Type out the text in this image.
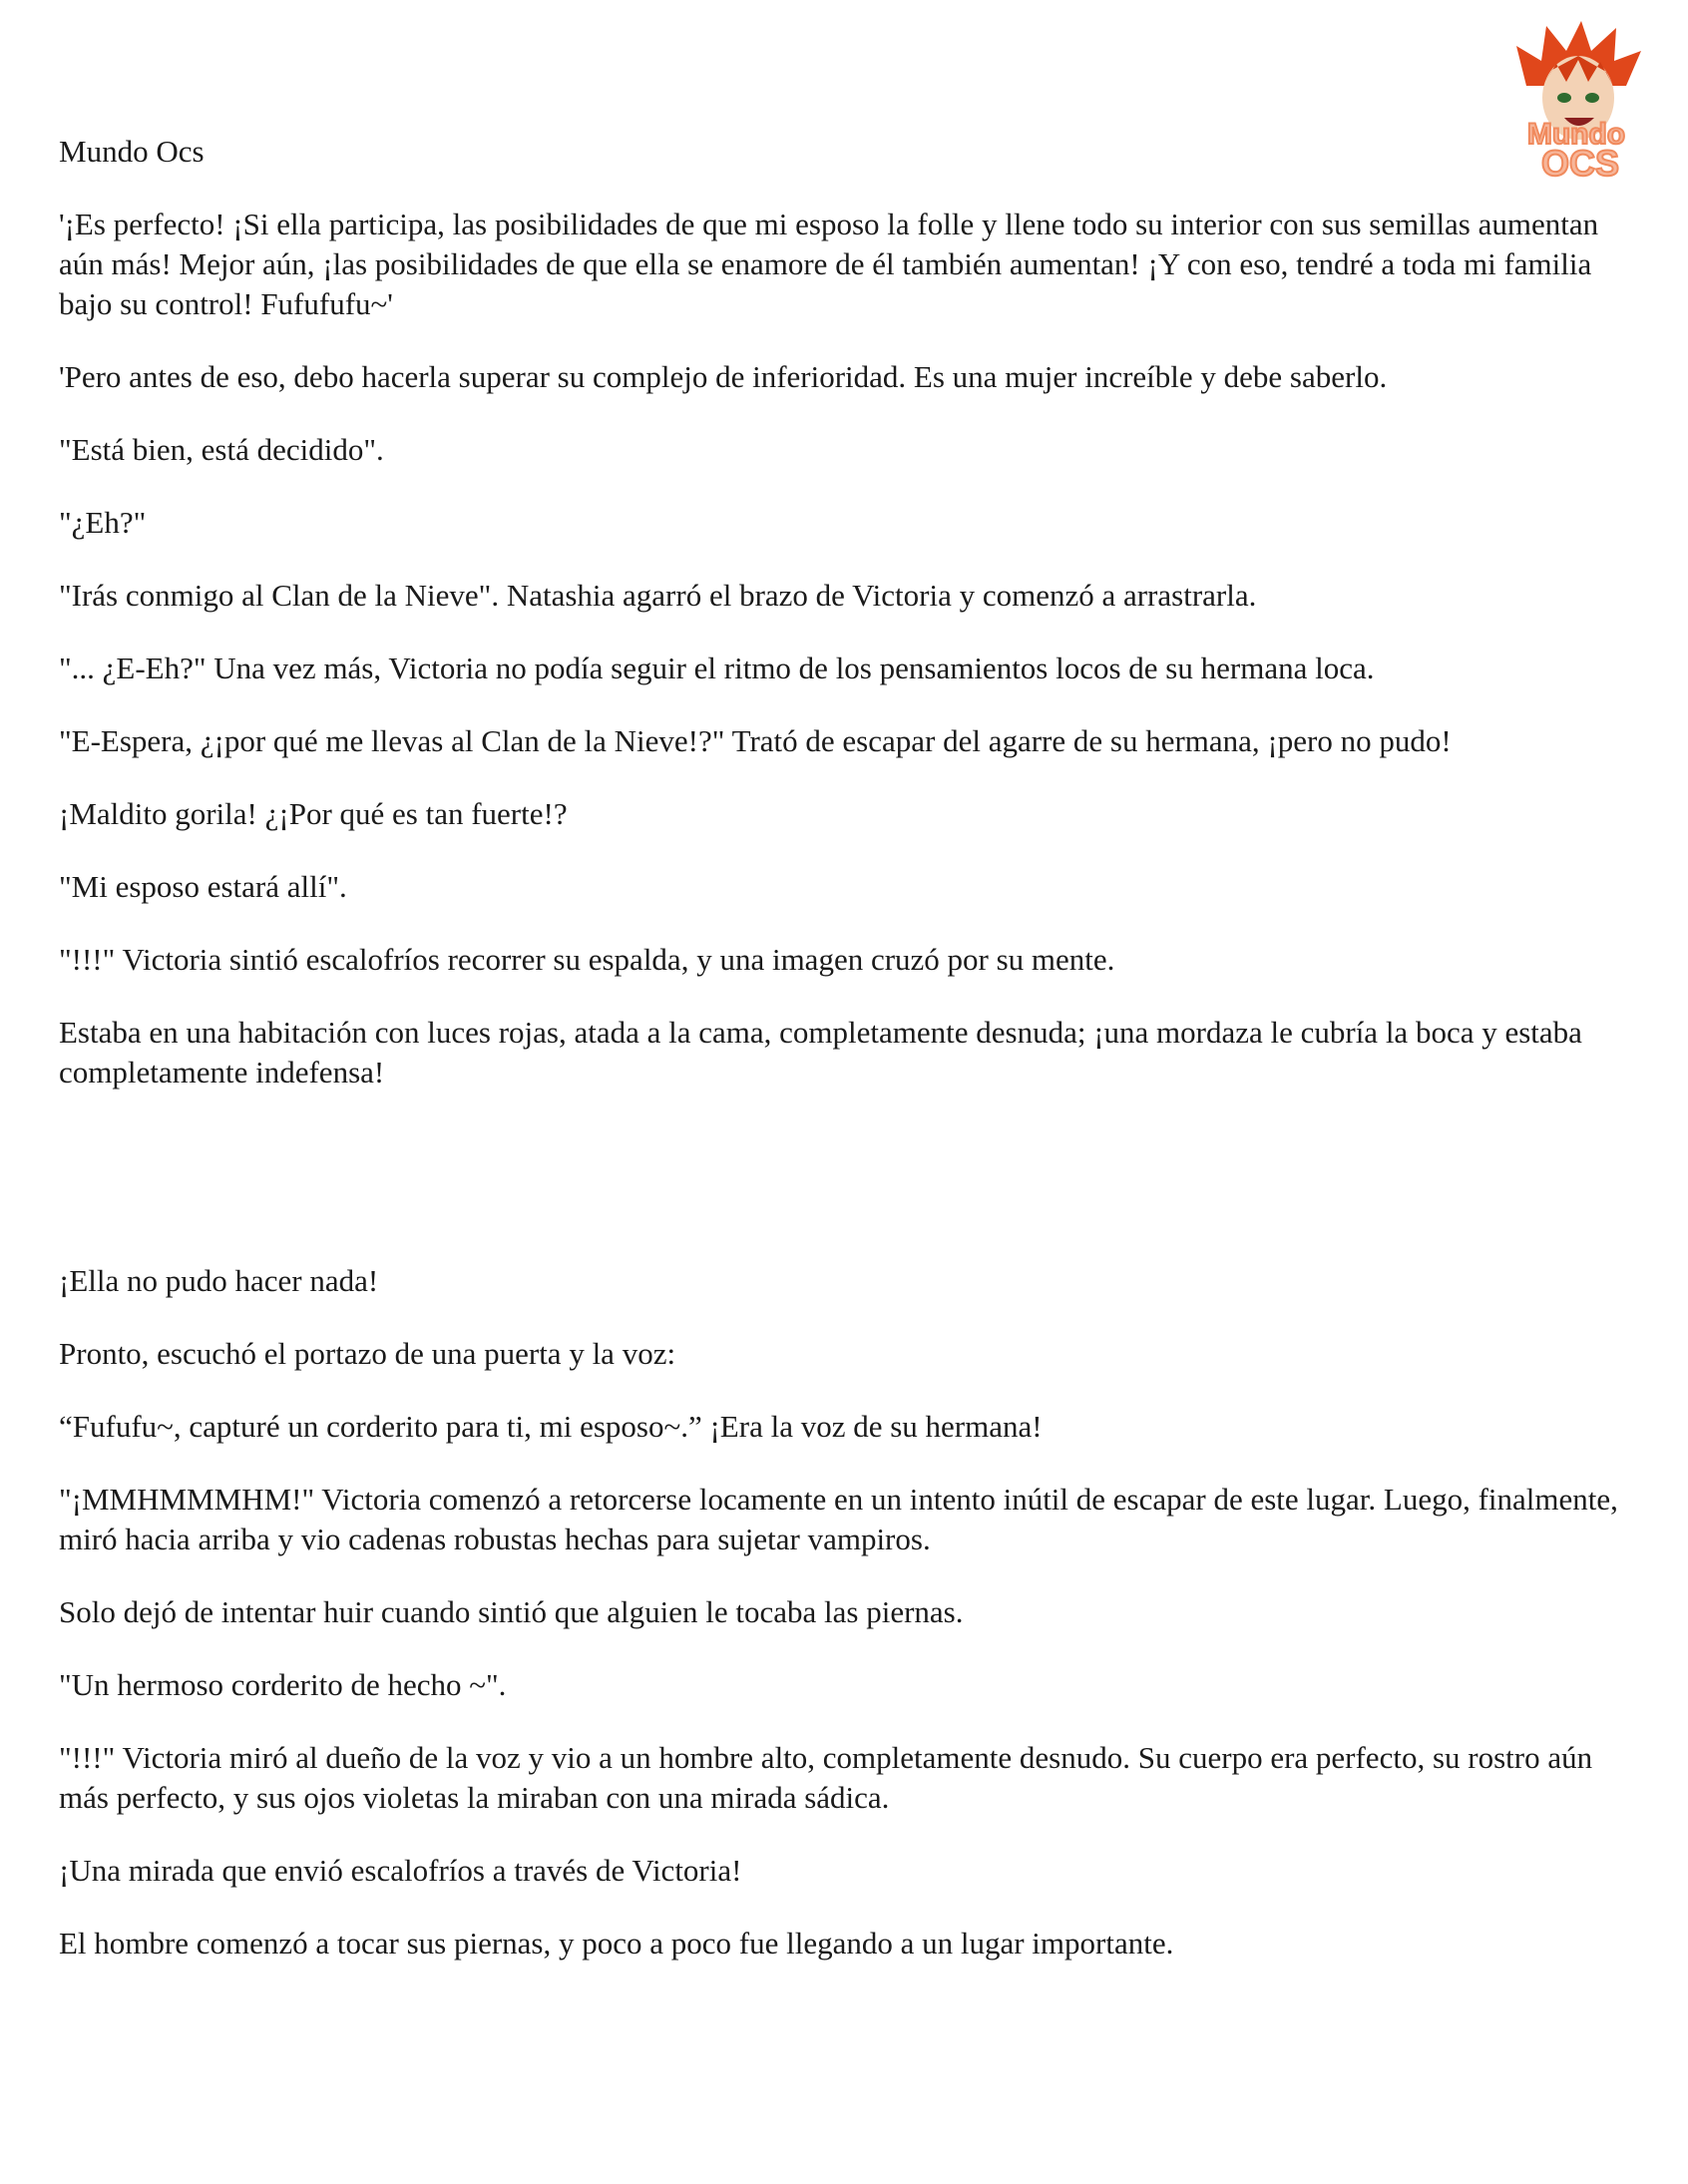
Mundo
OCS
Mundo Ocs

'¡Es perfecto! ¡Si ella participa, las posibilidades de que mi esposo la folle y llene todo su interior con sus semillas aumentan aún más! Mejor aún, ¡las posibilidades de que ella se enamore de él también aumentan! ¡Y con eso, tendré a toda mi familia bajo su control! Fufufufu~'

'Pero antes de eso, debo hacerla superar su complejo de inferioridad. Es una mujer increíble y debe saberlo.

"Está bien, está decidido".

"¿Eh?"

"Irás conmigo al Clan de la Nieve". Natashia agarró el brazo de Victoria y comenzó a arrastrarla.

"... ¿E-Eh?" Una vez más, Victoria no podía seguir el ritmo de los pensamientos locos de su hermana loca.

"E-Espera, ¿¡por qué me llevas al Clan de la Nieve!?" Trató de escapar del agarre de su hermana, ¡pero no pudo!

¡Maldito gorila! ¿¡Por qué es tan fuerte!?

"Mi esposo estará allí".

"!!!" Victoria sintió escalofríos recorrer su espalda, y una imagen cruzó por su mente.

Estaba en una habitación con luces rojas, atada a la cama, completamente desnuda; ¡una mordaza le cubría la boca y estaba completamente indefensa!

¡Ella no pudo hacer nada!

Pronto, escuchó el portazo de una puerta y la voz:

“Fufufu~, capturé un corderito para ti, mi esposo~.” ¡Era la voz de su hermana!

"¡MMHMMMHM!" Victoria comenzó a retorcerse locamente en un intento inútil de escapar de este lugar. Luego, finalmente, miró hacia arriba y vio cadenas robustas hechas para sujetar vampiros.

Solo dejó de intentar huir cuando sintió que alguien le tocaba las piernas.

"Un hermoso corderito de hecho ~".

"!!!" Victoria miró al dueño de la voz y vio a un hombre alto, completamente desnudo. Su cuerpo era perfecto, su rostro aún más perfecto, y sus ojos violetas la miraban con una mirada sádica.

¡Una mirada que envió escalofríos a través de Victoria!

El hombre comenzó a tocar sus piernas, y poco a poco fue llegando a un lugar importante.
